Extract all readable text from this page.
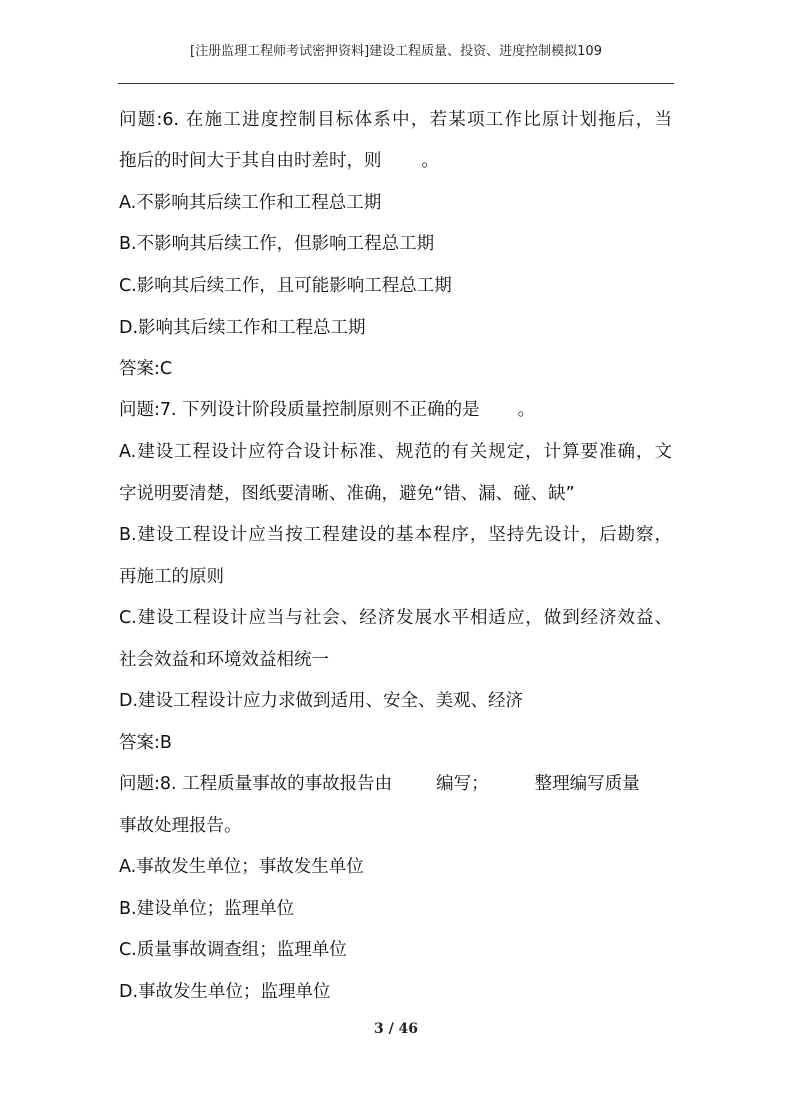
[注册监理工程师考试密押资料]建设工程质量、投资、进度控制模拟109
问题:6. 在施工进度控制目标体系中，若某项工作比原计划拖后，当
拖后的时间大于其自由时差时，则 。
A.不影响其后续工作和工程总工期
B.不影响其后续工作，但影响工程总工期
C.影响其后续工作，且可能影响工程总工期
D.影响其后续工作和工程总工期
答案:C
问题:7. 下列设计阶段质量控制原则不正确的是 。
A.建设工程设计应符合设计标准、规范的有关规定，计算要准确，文
字说明要清楚，图纸要清晰、准确，避免“错、漏、碰、缺”
B.建设工程设计应当按工程建设的基本程序，坚持先设计，后勘察，
再施工的原则
C.建设工程设计应当与社会、经济发展水平相适应，做到经济效益、
社会效益和环境效益相统一
D.建设工程设计应力求做到适用、安全、美观、经济
答案:B
问题:8. 工程质量事故的事故报告由	编写；	整理编写质量
事故处理报告。
A.事故发生单位；事故发生单位
B.建设单位；监理单位
C.质量事故调查组；监理单位
D.事故发生单位；监理单位
3 / 46
